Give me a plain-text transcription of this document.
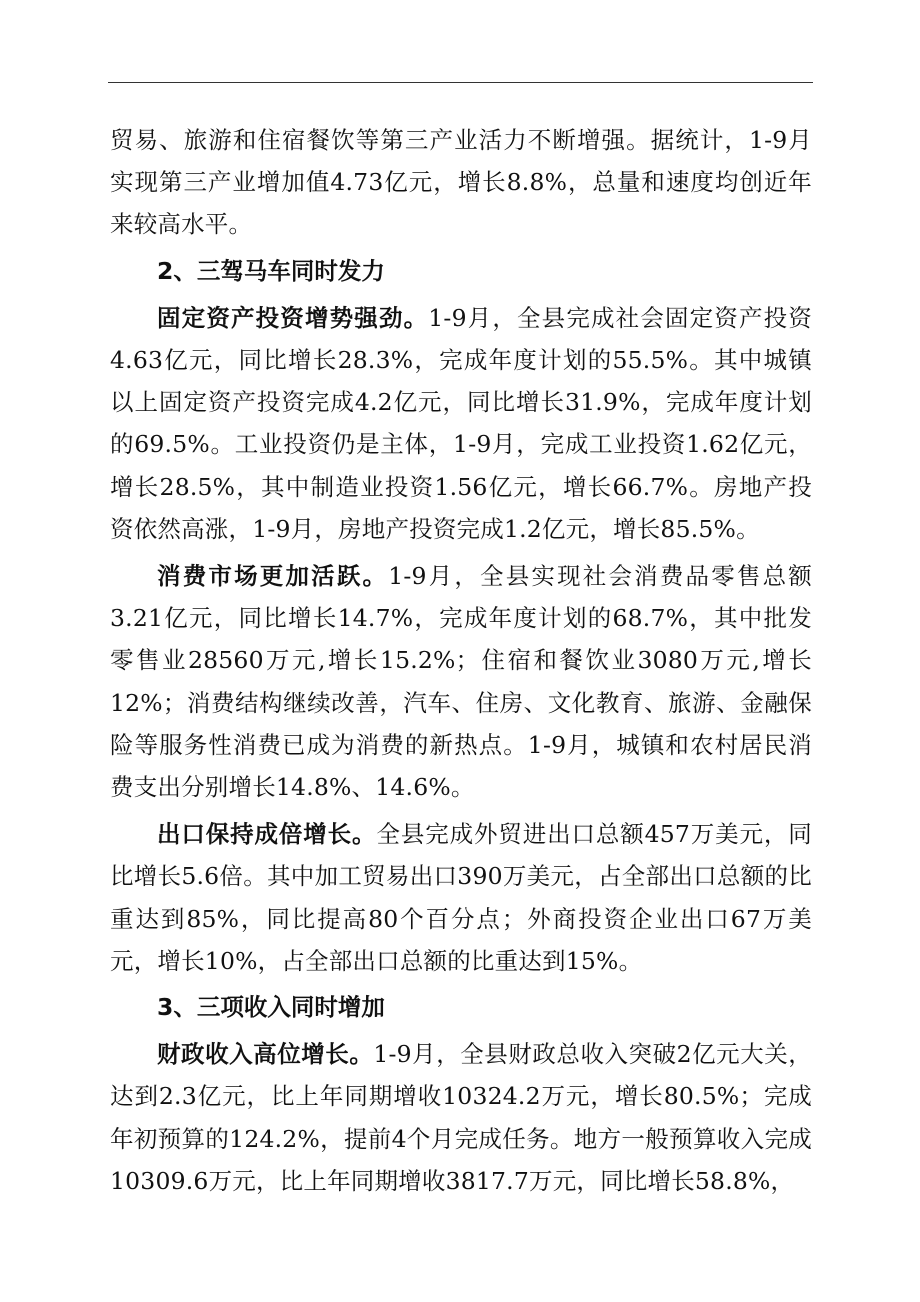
贸易、旅游和住宿餐饮等第三产业活力不断增强。据统计，1-9月实现第三产业增加值4.73亿元，增长8.8%，总量和速度均创近年来较高水平。

2、三驾马车同时发力

固定资产投资增势强劲。1-9月，全县完成社会固定资产投资4.63亿元，同比增长28.3%，完成年度计划的55.5%。其中城镇以上固定资产投资完成4.2亿元，同比增长31.9%，完成年度计划的69.5%。工业投资仍是主体，1-9月，完成工业投资1.62亿元，增长28.5%，其中制造业投资1.56亿元，增长66.7%。房地产投资依然高涨，1-9月，房地产投资完成1.2亿元，增长85.5%。

消费市场更加活跃。1-9月，全县实现社会消费品零售总额3.21亿元，同比增长14.7%，完成年度计划的68.7%，其中批发零售业28560万元,增长15.2%；住宿和餐饮业3080万元,增长12%；消费结构继续改善，汽车、住房、文化教育、旅游、金融保险等服务性消费已成为消费的新热点。1-9月，城镇和农村居民消费支出分别增长14.8%、14.6%。

出口保持成倍增长。全县完成外贸进出口总额457万美元，同比增长5.6倍。其中加工贸易出口390万美元，占全部出口总额的比重达到85%，同比提高80个百分点；外商投资企业出口67万美元，增长10%，占全部出口总额的比重达到15%。

3、三项收入同时增加

财政收入高位增长。1-9月，全县财政总收入突破2亿元大关，达到2.3亿元，比上年同期增收10324.2万元，增长80.5%；完成年初预算的124.2%，提前4个月完成任务。地方一般预算收入完成10309.6万元，比上年同期增收3817.7万元，同比增长58.8%，
